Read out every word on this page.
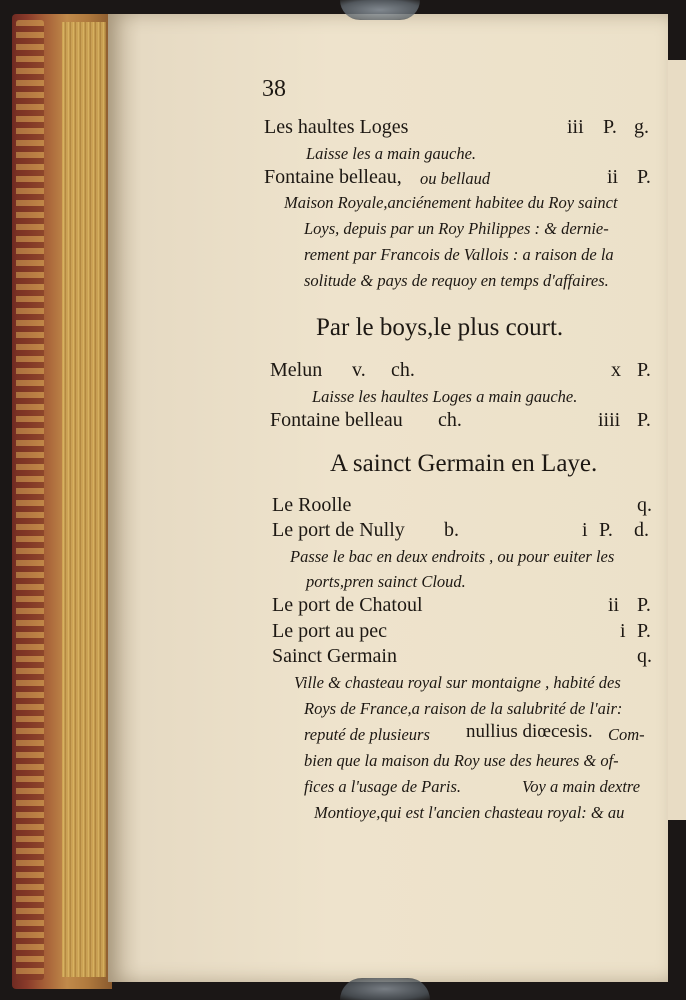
38
Les haultes Loges	iii P. g.
Laisse les a main gauche.
Fontaine belleau, ou bellaud	ii P.
Maison Royale,anciénement habitee du Roy sainct
Loys, depuis par un Roy Philippes : & dernie-
rement par Francois de Vallois : a raison de la
solitude & pays de requoy en temps d'affaires.
Par le boys,le plus court.
Melun v. ch.	x P.
Laisse les haultes Loges a main gauche.
Fontaine belleau ch.	iiii P.
A sainct Germain en Laye.
Le Roolle	q.
Le port de Nully b.	i P. d.
Passe le bac en deux endroits , ou pour euiter les
ports,pren sainct Cloud.
Le port de Chatoul	ii P.
Le port au pec	i P.
Sainct Germain	q.
Ville & chasteau royal sur montaigne , habité des
Roys de France,a raison de la salubrité de l'air:
reputé de plusieurs nullius diœcesis. Com-
bien que la maison du Roy use des heures & of-
fices a l'usage de Paris.	Voy a main dextre
Montioye,qui est l'ancien chasteau royal: & au
